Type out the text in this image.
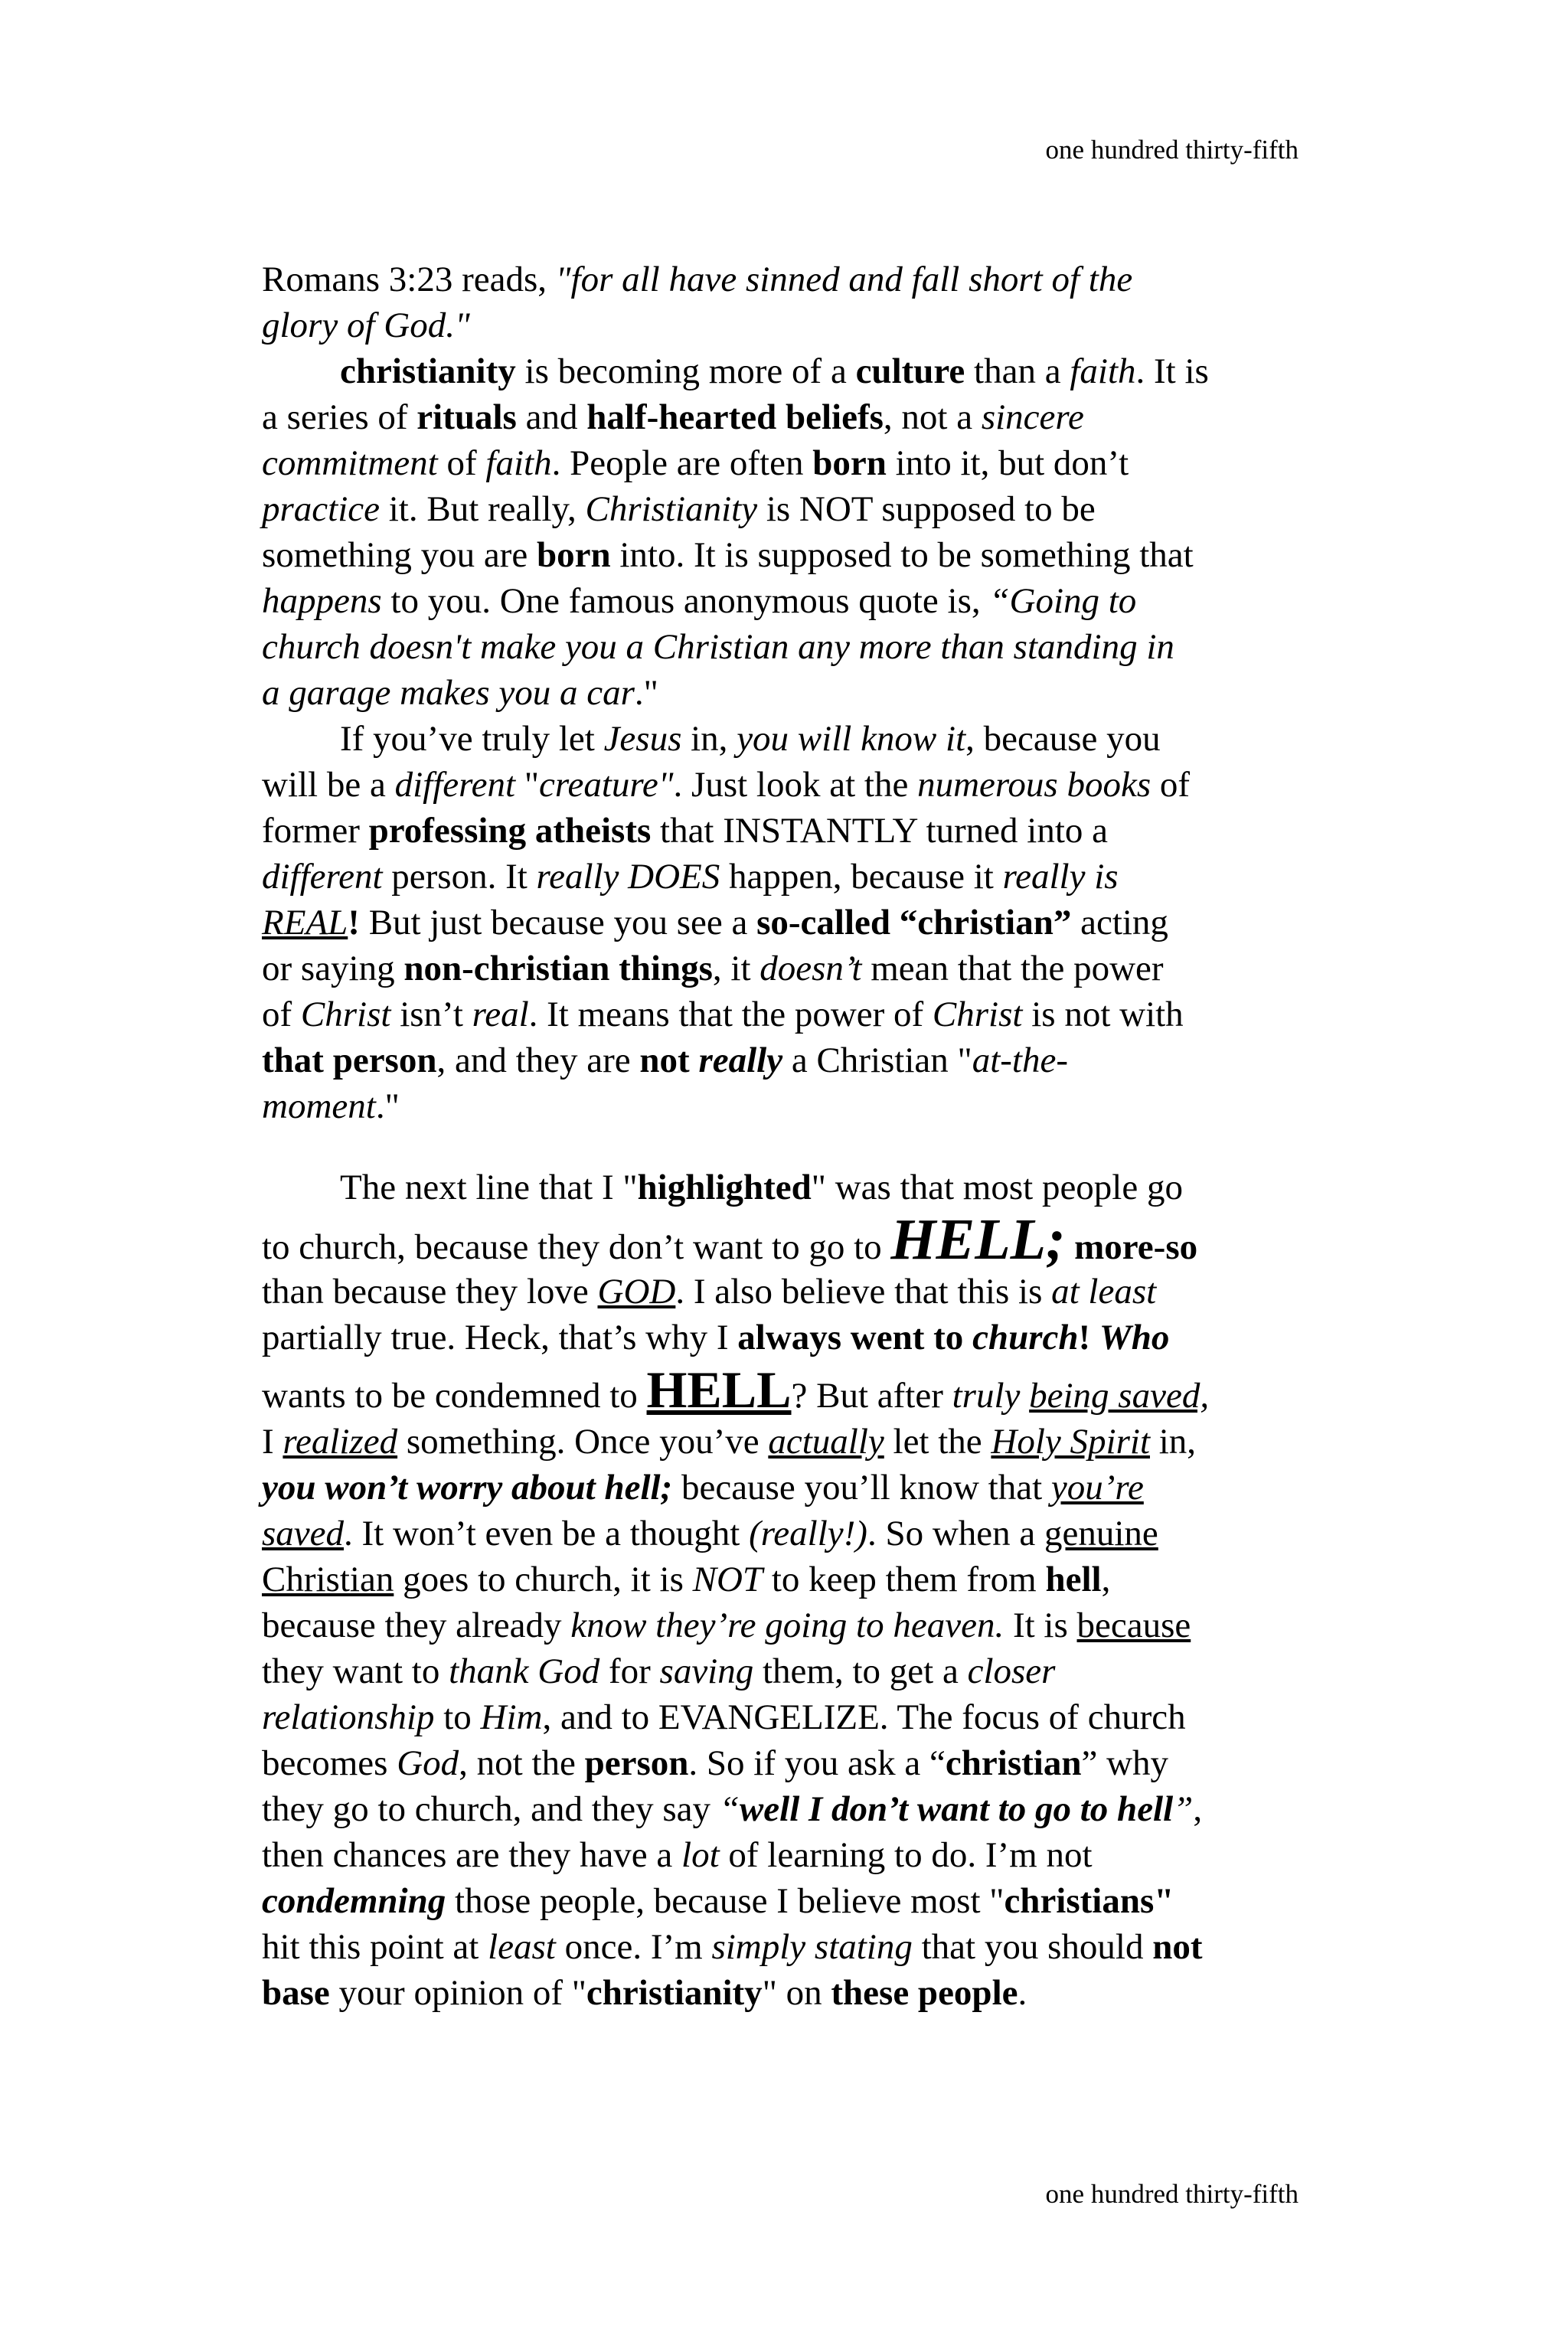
one hundred thirty-fifth
Romans 3:23 reads, "for all have sinned and fall short of the
glory of God."
christianity is becoming more of a culture than a faith. It is
a series of rituals and half-hearted beliefs, not a sincere
commitment of faith. People are often born into it, but don’t
practice it. But really, Christianity is NOT supposed to be
something you are born into. It is supposed to be something that
happens to you. One famous anonymous quote is, “Going to
church doesn't make you a Christian any more than standing in
a garage makes you a car."
If you’ve truly let Jesus in, you will know it, because you
will be a different "creature". Just look at the numerous books of
former professing atheists that INSTANTLY turned into a
different person. It really DOES happen, because it really is
REAL! But just because you see a so-called “christian” acting
or saying non-christian things, it doesn’t mean that the power
of Christ isn’t real. It means that the power of Christ is not with
that person, and they are not really a Christian "at-the-
moment."
The next line that I "highlighted" was that most people go
to church, because they don’t want to go to HELL; more-so
than because they love GOD. I also believe that this is at least
partially true. Heck, that’s why I always went to church! Who
wants to be condemned to HELL? But after truly being saved,
I realized something. Once you’ve actually let the Holy Spirit in,
you won’t worry about hell; because you’ll know that you’re
saved. It won’t even be a thought (really!). So when a genuine
Christian goes to church, it is NOT to keep them from hell,
because they already know they’re going to heaven. It is because
they want to thank God for saving them, to get a closer
relationship to Him, and to EVANGELIZE. The focus of church
becomes God, not the person. So if you ask a “christian” why
they go to church, and they say “well I don’t want to go to hell”,
then chances are they have a lot of learning to do. I’m not
condemning those people, because I believe most "christians"
hit this point at least once. I’m simply stating that you should not
base your opinion of "christianity" on these people.
one hundred thirty-fifth
